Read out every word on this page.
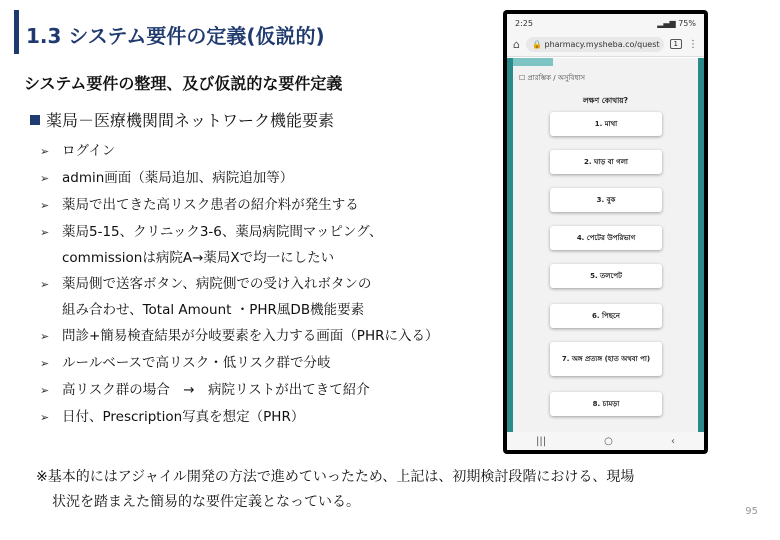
1.3 システム要件の定義(仮説的)
システム要件の整理、及び仮説的な要件定義
薬局－医療機関間ネットワーク機能要素
➢ ログイン
➢ admin画面（薬局追加、病院追加等）
➢ 薬局で出てきた高リスク患者の紹介料が発生する
➢ 薬局5-15、クリニック3-6、薬局病院間マッピング、
commissionは病院A→薬局Xで均一にしたい
➢ 薬局側で送客ボタン、病院側での受け入れボタンの
組み合わせ、Total Amount ・PHR風DB機能要素
➢ 問診+簡易検査結果が分岐要素を入力する画面（PHRに入る）
➢ ルールベースで高リスク・低リスク群で分岐
➢ 高リスク群の場合　→　病院リストが出てきて紹介
➢ 日付、Prescription写真を想定（PHR）
※基本的にはアジャイル開発の方法で進めていったため、上記は、初期検討段階における、現場
状況を踏まえた簡易的な要件定義となっている。
95
2:25	▂▄▆ 75%
⌂	🔒 pharmacy.mysheba.co/quest	1	⋮
☐ প্রারম্ভিক / অসুবিধাস
লক্ষণ কোথায়?
1. মাথা
2. ঘাড় বা গলা
3. বুক
4. পেটের উপরিভাগ
5. তলপেট
6. পিছনে
7. অঙ্গ প্রত্যঙ্গ (হাত অথবা পা)
8. চামড়া
|||	○	‹
